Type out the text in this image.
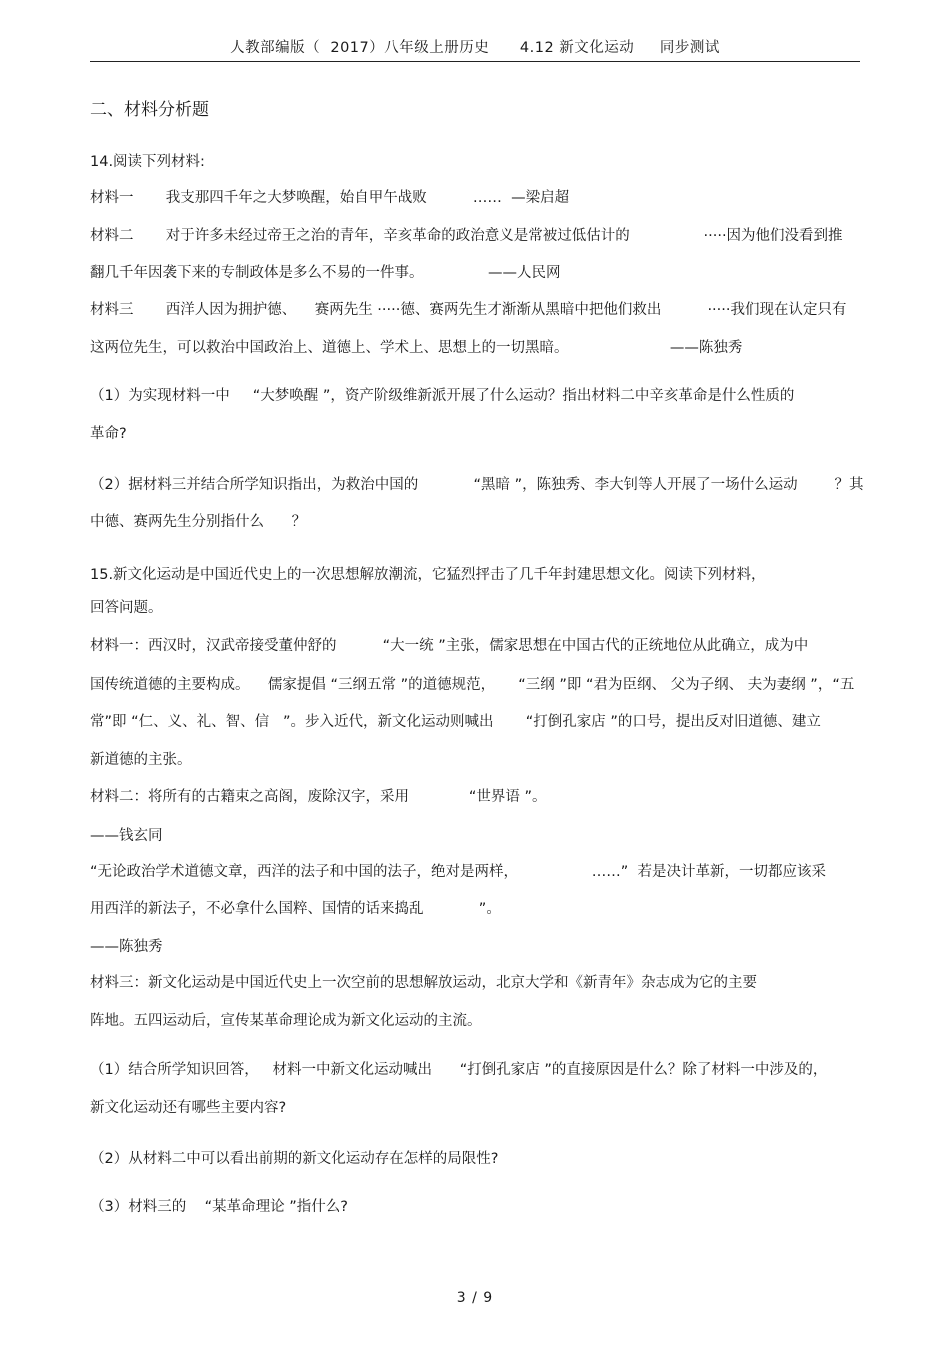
人教部编版（  2017）八年级上册历史      4.12 新文化运动     同步测试
二、材料分析题
14.阅读下列材料:
材料一       我支那四千年之大梦唤醒，始自甲午战败          ……  —梁启超
材料二       对于许多未经过帝王之治的青年，辛亥革命的政治意义是常被过低估计的                ·····因为他们没看到推
翻几千年因袭下来的专制政体是多么不易的一件事。              ——人民网
材料三       西洋人因为拥护德、    赛两先生 ·····德、赛两先生才渐渐从黑暗中把他们救出          ·····我们现在认定只有
这两位先生，可以救治中国政治上、道德上、学术上、思想上的一切黑暗。                      ——陈独秀
（1）为实现材料一中     “大梦唤醒 ”，资产阶级维新派开展了什么运动？指出材料二中辛亥革命是什么性质的
革命?
（2）据材料三并结合所学知识指出，为救治中国的            “黑暗 ”，陈独秀、李大钊等人开展了一场什么运动        ？其
中德、赛两先生分别指什么      ？
15.新文化运动是中国近代史上的一次思想解放潮流，它猛烈抨击了几千年封建思想文化。阅读下列材料，
回答问题。
材料一：西汉时，汉武帝接受董仲舒的          “大一统 ”主张，儒家思想在中国古代的正统地位从此确立，成为中
国传统道德的主要构成。    儒家提倡 “三纲五常 ”的道德规范，     “三纲 ”即 “君为臣纲、 父为子纲、 夫为妻纲 ”，“五
常”即 “仁、义、礼、智、信   ”。步入近代，新文化运动则喊出       “打倒孔家店 ”的口号，提出反对旧道德、建立
新道德的主张。
材料二：将所有的古籍束之高阁，废除汉字，采用             “世界语 ”。
——钱玄同
“无论政治学术道德文章，西洋的法子和中国的法子，绝对是两样，                ……”  若是决计革新，一切都应该采
用西洋的新法子，不必拿什么国粹、国情的话来捣乱            ”。
——陈独秀
材料三：新文化运动是中国近代史上一次空前的思想解放运动，北京大学和《新青年》杂志成为它的主要
阵地。五四运动后，宣传某革命理论成为新文化运动的主流。
（1）结合所学知识回答，   材料一中新文化运动喊出      “打倒孔家店 ”的直接原因是什么？除了材料一中涉及的，
新文化运动还有哪些主要内容?
（2）从材料二中可以看出前期的新文化运动存在怎样的局限性?
（3）材料三的    “某革命理论 ”指什么?
3 / 9
